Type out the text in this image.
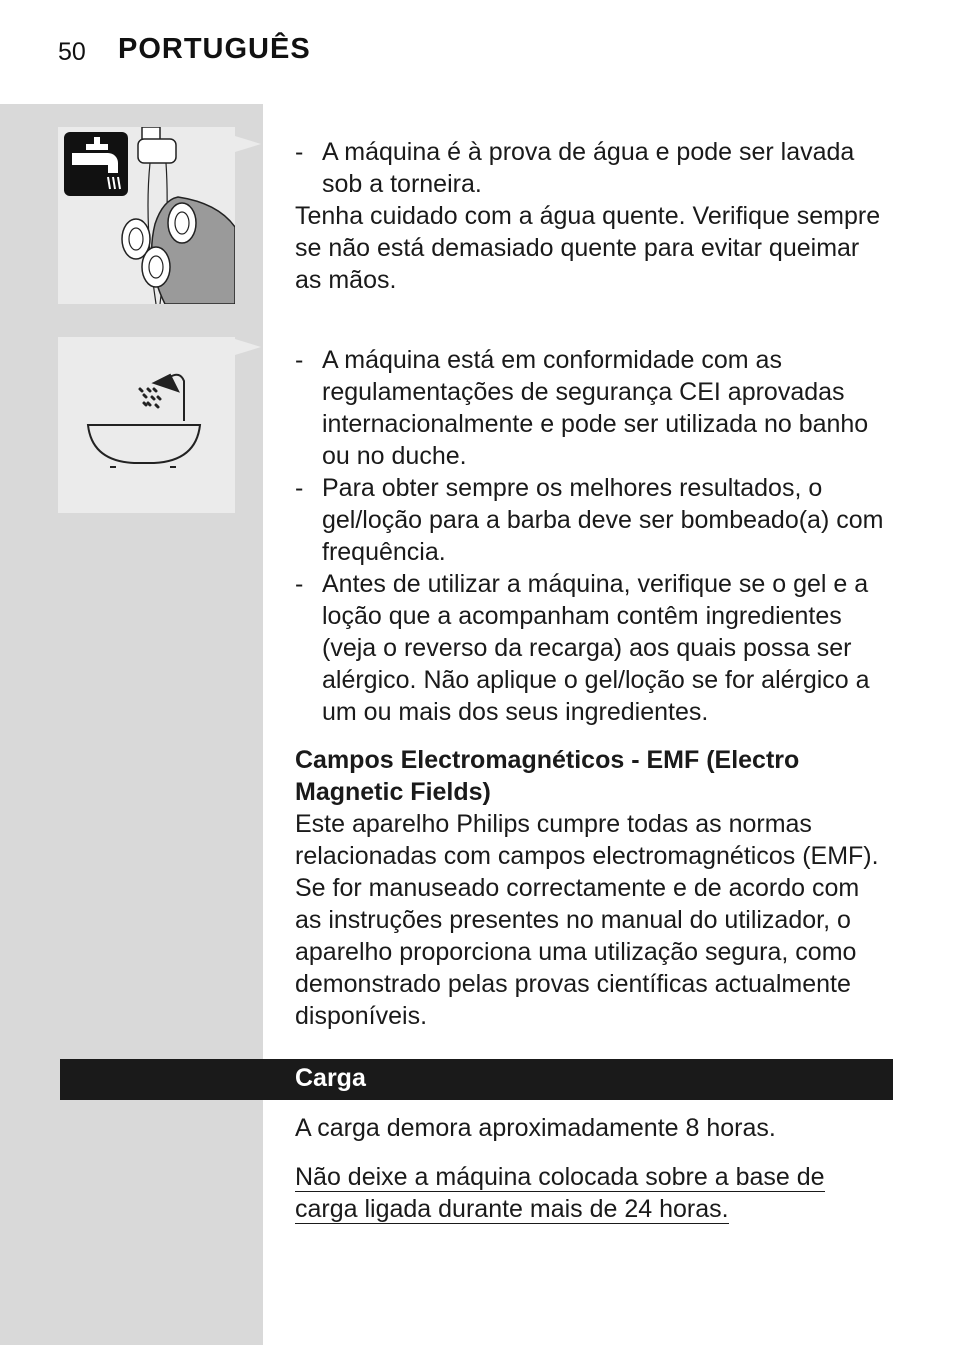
50 PORTUGUÊS
- A máquina é à prova de água e pode ser lavada sob a torneira.
Tenha cuidado com a água quente. Verifique sempre se não está demasiado quente para evitar queimar as mãos.
- A máquina está em conformidade com as regulamentações de segurança CEI aprovadas internacionalmente e pode ser utilizada no banho ou no duche.
- Para obter sempre os melhores resultados, o gel/loção para a barba deve ser bombeado(a) com frequência.
- Antes de utilizar a máquina, verifique se o gel e a loção que a acompanham contêm ingredientes (veja o reverso da recarga) aos quais possa ser alérgico. Não aplique o gel/loção se for alérgico a um ou mais dos seus ingredientes.
Campos Electromagnéticos - EMF (Electro Magnetic Fields)
Este aparelho Philips cumpre todas as normas relacionadas com campos electromagnéticos (EMF). Se for manuseado correctamente e de acordo com as instruções presentes no manual do utilizador, o aparelho proporciona uma utilização segura, como demonstrado pelas provas científicas actualmente disponíveis.
Carga
A carga demora aproximadamente 8 horas.
Não deixe a máquina colocada sobre a base de carga ligada durante mais de 24 horas.
